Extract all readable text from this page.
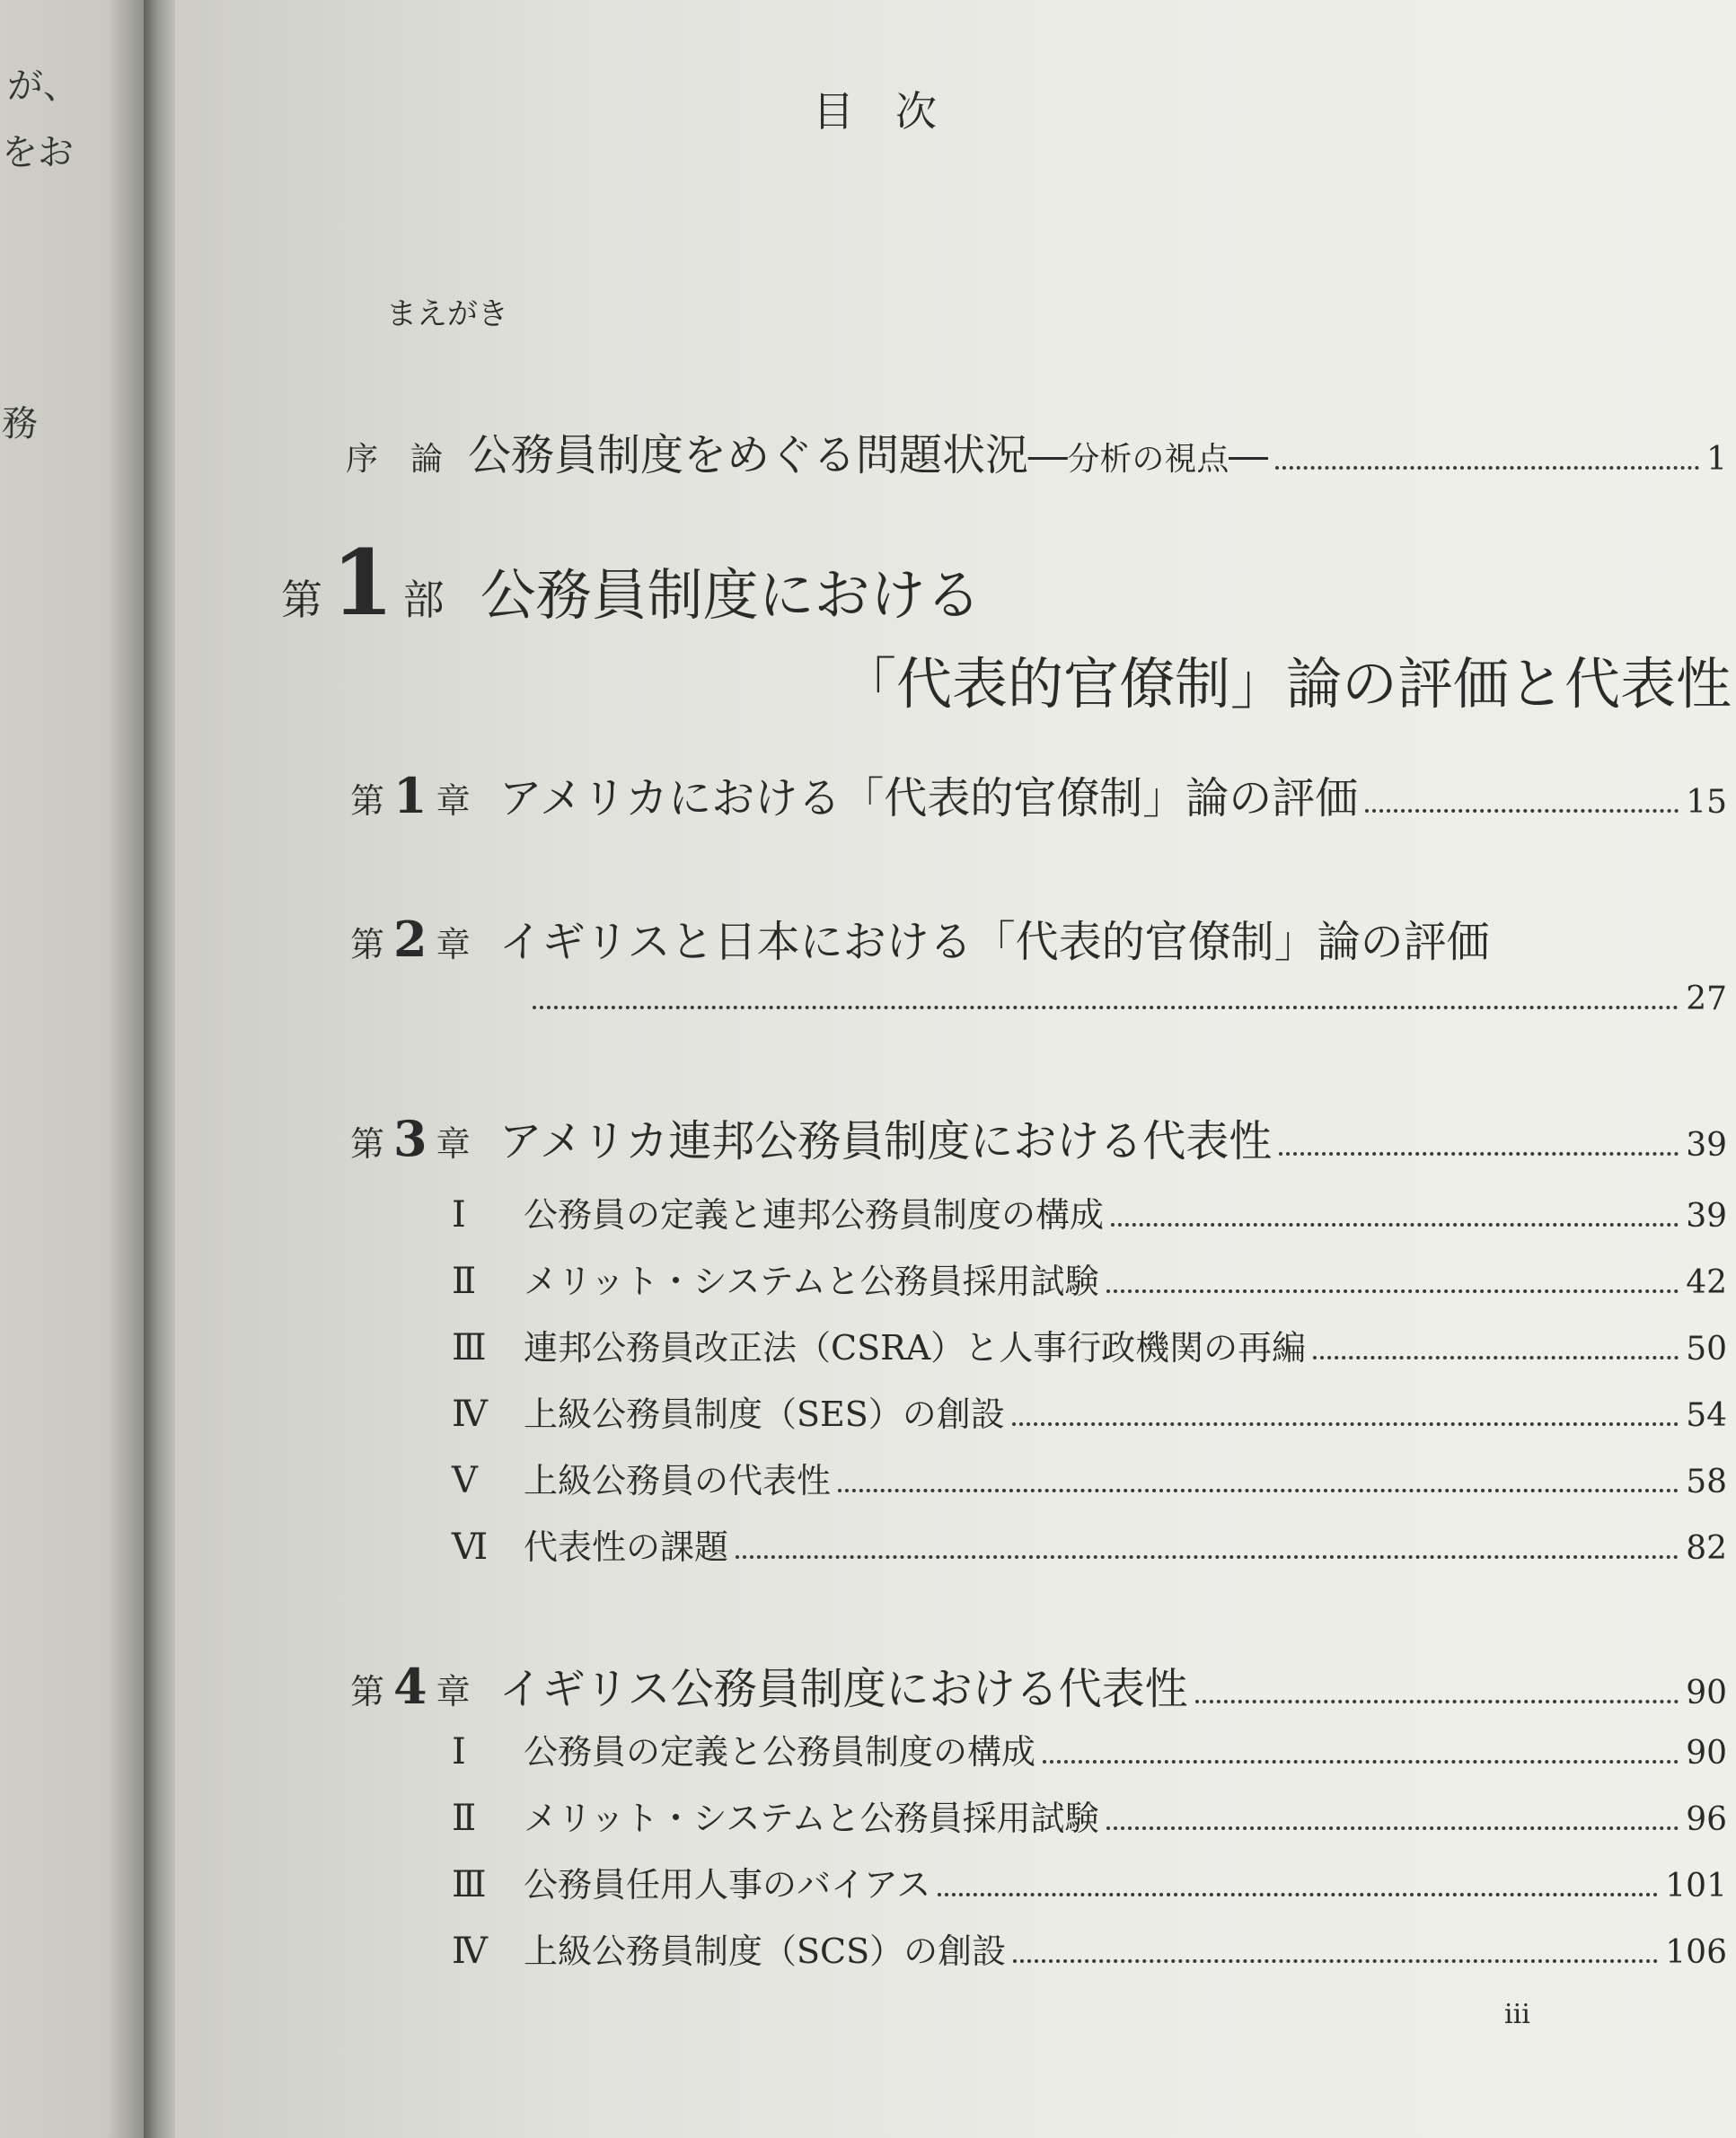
が、
をお
務
目　次
まえがき
序　論 公務員制度をめぐる問題状況 ──分析の視点──	1
第 1 部 公務員制度における
「代表的官僚制」論の評価と代表性
第 1 章 アメリカにおける「代表的官僚制」論の評価	15
第 2 章 イギリスと日本における「代表的官僚制」論の評価
27
第 3 章 アメリカ連邦公務員制度における代表性	39
Ⅰ	公務員の定義と連邦公務員制度の構成	39
Ⅱ	メリット・システムと公務員採用試験	42
Ⅲ	連邦公務員改正法（CSRA）と人事行政機関の再編	50
Ⅳ	上級公務員制度（SES）の創設	54
Ⅴ	上級公務員の代表性	58
Ⅵ	代表性の課題	82
第 4 章 イギリス公務員制度における代表性	90
Ⅰ	公務員の定義と公務員制度の構成	90
Ⅱ	メリット・システムと公務員採用試験	96
Ⅲ	公務員任用人事のバイアス	101
Ⅳ	上級公務員制度（SCS）の創設	106
iii
